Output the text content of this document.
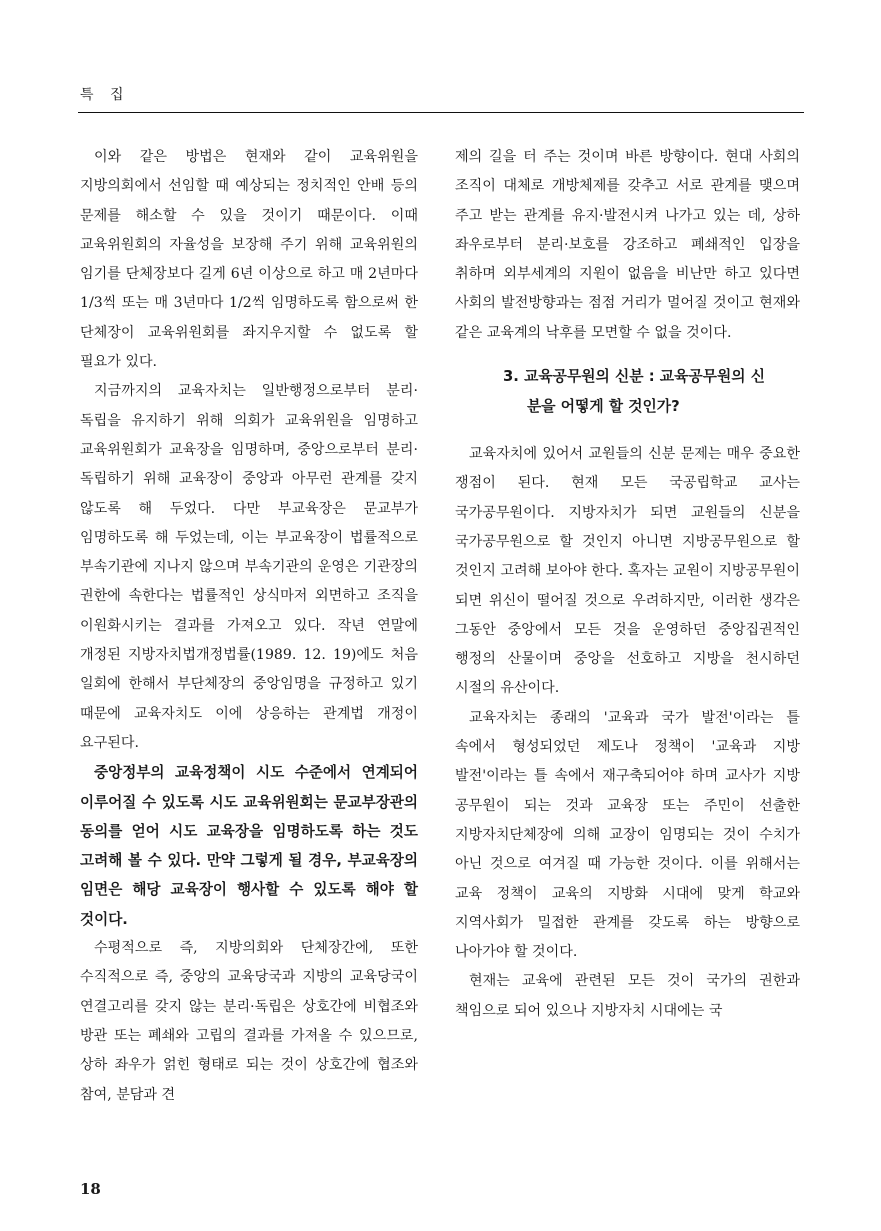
특 집

이와 같은 방법은 현재와 같이 교육위원을 지방의회에서 선임할 때 예상되는 정치적인 안배 등의 문제를 해소할 수 있을 것이기 때문이다. 이때 교육위원회의 자율성을 보장해 주기 위해 교육위원의 임기를 단체장보다 길게 6년 이상으로 하고 매 2년마다 1/3씩 또는 매 3년마다 1/2씩 임명하도록 함으로써 한 단체장이 교육위원회를 좌지우지할 수 없도록 할 필요가 있다.

지금까지의 교육자치는 일반행정으로부터 분리·독립을 유지하기 위해 의회가 교육위원을 임명하고 교육위원회가 교육장을 임명하며, 중앙으로부터 분리·독립하기 위해 교육장이 중앙과 아무런 관계를 갖지 않도록 해 두었다. 다만 부교육장은 문교부가 임명하도록 해 두었는데, 이는 부교육장이 법률적으로 부속기관에 지나지 않으며 부속기관의 운영은 기관장의 권한에 속한다는 법률적인 상식마저 외면하고 조직을 이원화시키는 결과를 가져오고 있다. 작년 연말에 개정된 지방자치법개정법률(1989. 12. 19)에도 처음 일회에 한해서 부단체장의 중앙임명을 규정하고 있기 때문에 교육자치도 이에 상응하는 관계법 개정이 요구된다.

중앙정부의 교육정책이 시도 수준에서 연계되어 이루어질 수 있도록 시도 교육위원회는 문교부장관의 동의를 얻어 시도 교육장을 임명하도록 하는 것도 고려해 볼 수 있다. 만약 그렇게 될 경우, 부교육장의 임면은 해당 교육장이 행사할 수 있도록 해야 할 것이다.

수평적으로 즉, 지방의회와 단체장간에, 또한 수직적으로 즉, 중앙의 교육당국과 지방의 교육당국이 연결고리를 갖지 않는 분리·독립은 상호간에 비협조와 방관 또는 폐쇄와 고립의 결과를 가져올 수 있으므로, 상하 좌우가 얽힌 형태로 되는 것이 상호간에 협조와 참여, 분담과 견

제의 길을 터 주는 것이며 바른 방향이다. 현대 사회의 조직이 대체로 개방체제를 갖추고 서로 관계를 맺으며 주고 받는 관계를 유지·발전시켜 나가고 있는 데, 상하 좌우로부터 분리·보호를 강조하고 폐쇄적인 입장을 취하며 외부세계의 지원이 없음을 비난만 하고 있다면 사회의 발전방향과는 점점 거리가 멀어질 것이고 현재와 같은 교육계의 낙후를 모면할 수 없을 것이다.

3. 교육공무원의 신분 : 교육공무원의 신
분을 어떻게 할 것인가?

교육자치에 있어서 교원들의 신분 문제는 매우 중요한 쟁점이 된다. 현재 모든 국공립학교 교사는 국가공무원이다. 지방자치가 되면 교원들의 신분을 국가공무원으로 할 것인지 아니면 지방공무원으로 할 것인지 고려해 보아야 한다. 혹자는 교원이 지방공무원이 되면 위신이 떨어질 것으로 우려하지만, 이러한 생각은 그동안 중앙에서 모든 것을 운영하던 중앙집권적인 행정의 산물이며 중앙을 선호하고 지방을 천시하던 시절의 유산이다.

교육자치는 종래의 '교육과 국가 발전'이라는 틀 속에서 형성되었던 제도나 정책이 '교육과 지방 발전'이라는 틀 속에서 재구축되어야 하며 교사가 지방 공무원이 되는 것과 교육장 또는 주민이 선출한 지방자치단체장에 의해 교장이 임명되는 것이 수치가 아닌 것으로 여겨질 때 가능한 것이다. 이를 위해서는 교육 정책이 교육의 지방화 시대에 맞게 학교와 지역사회가 밀접한 관계를 갖도록 하는 방향으로 나아가야 할 것이다.

현재는 교육에 관련된 모든 것이 국가의 권한과 책임으로 되어 있으나 지방자치 시대에는 국

18
